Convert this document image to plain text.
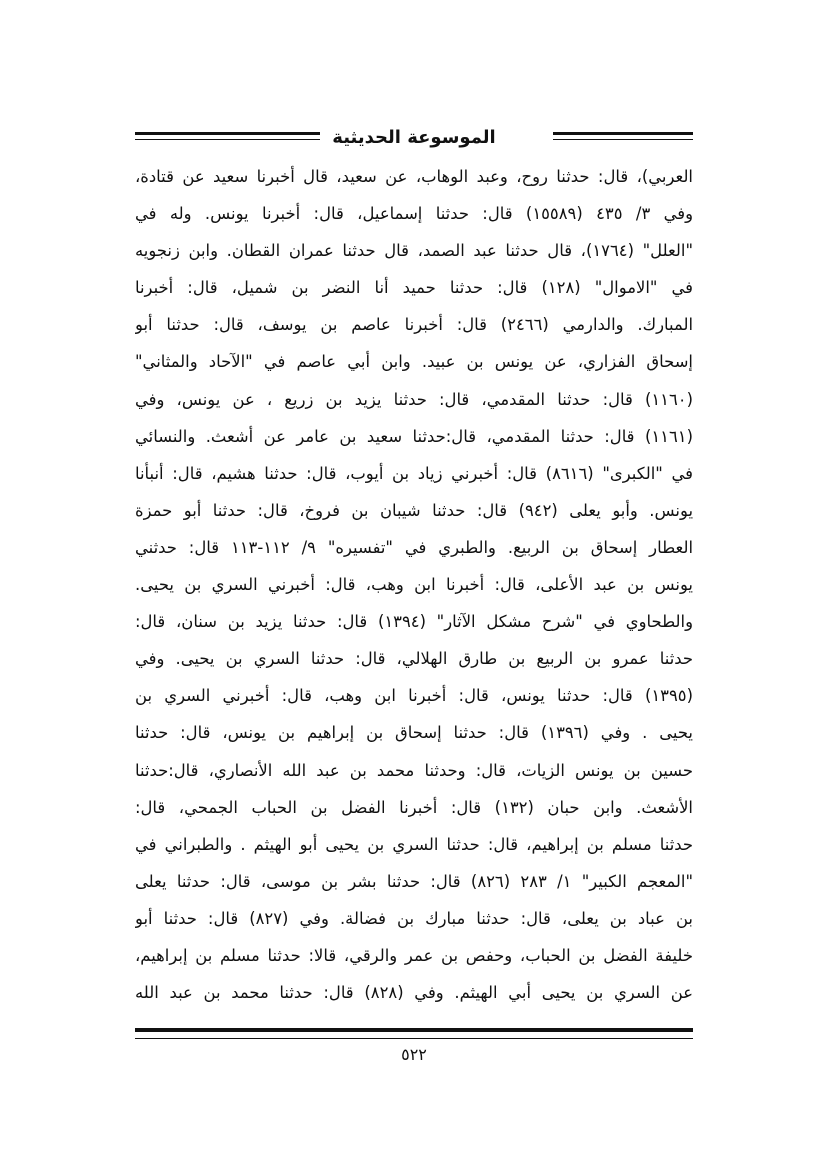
الموسوعة الحديثية
العربي)، قال: حدثنا روح، وعبد الوهاب، عن سعيد، قال أخبرنا سعيد عن قتادة،
وفي ٣/ ٤٣٥ (١٥٥٨٩) قال: حدثنا إسماعيل، قال: أخبرنا يونس. وله في
"العلل" (١٧٦٤)، قال حدثنا عبد الصمد، قال حدثنا عمران القطان. وابن زنجويه
في "الاموال" (١٢٨) قال: حدثنا حميد أنا النضر بن شميل، قال: أخبرنا
المبارك. والدارمي (٢٤٦٦) قال: أخبرنا عاصم بن يوسف، قال: حدثنا أبو
إسحاق الفزاري، عن يونس بن عبيد. وابن أبي عاصم في "الآحاد والمثاني"
(١١٦٠) قال: حدثنا المقدمي، قال: حدثنا يزيد بن زريع ، عن يونس، وفي
(١١٦١) قال: حدثنا المقدمي، قال:حدثنا سعيد بن عامر عن أشعث. والنسائي
في "الكبرى" (٨٦١٦) قال: أخبرني زياد بن أيوب، قال: حدثنا هشيم، قال: أنبأنا
يونس. وأبو يعلى (٩٤٢) قال: حدثنا شيبان بن فروخ، قال: حدثنا أبو حمزة
العطار إسحاق بن الربيع. والطبري في "تفسيره" ٩/ ١١٢-١١٣ قال: حدثني
يونس بن عبد الأعلى، قال: أخبرنا ابن وهب، قال: أخبرني السري بن يحيى.
والطحاوي في "شرح مشكل الآثار" (١٣٩٤) قال: حدثنا يزيد بن سنان، قال:
حدثنا عمرو بن الربيع بن طارق الهلالي، قال: حدثنا السري بن يحيى. وفي
(١٣٩٥) قال: حدثنا يونس، قال: أخبرنا ابن وهب، قال: أخبرني السري بن
يحيى . وفي (١٣٩٦) قال: حدثنا إسحاق بن إبراهيم بن يونس، قال: حدثنا
حسين بن يونس الزيات، قال: وحدثنا محمد بن عبد الله الأنصاري، قال:حدثنا
الأشعث. وابن حبان (١٣٢) قال: أخبرنا الفضل بن الحباب الجمحي، قال:
حدثنا مسلم بن إبراهيم، قال: حدثنا السري بن يحيى أبو الهيثم . والطبراني في
"المعجم الكبير" ١/ ٢٨٣ (٨٢٦) قال: حدثنا بشر بن موسى، قال: حدثنا يعلى
بن عباد بن يعلى، قال: حدثنا مبارك بن فضالة. وفي (٨٢٧) قال: حدثنا أبو
خليفة الفضل بن الحباب، وحفص بن عمر والرقي، قالا: حدثنا مسلم بن إبراهيم،
عن السري بن يحيى أبي الهيثم. وفي (٨٢٨) قال: حدثنا محمد بن عبد الله
٥٢٢
